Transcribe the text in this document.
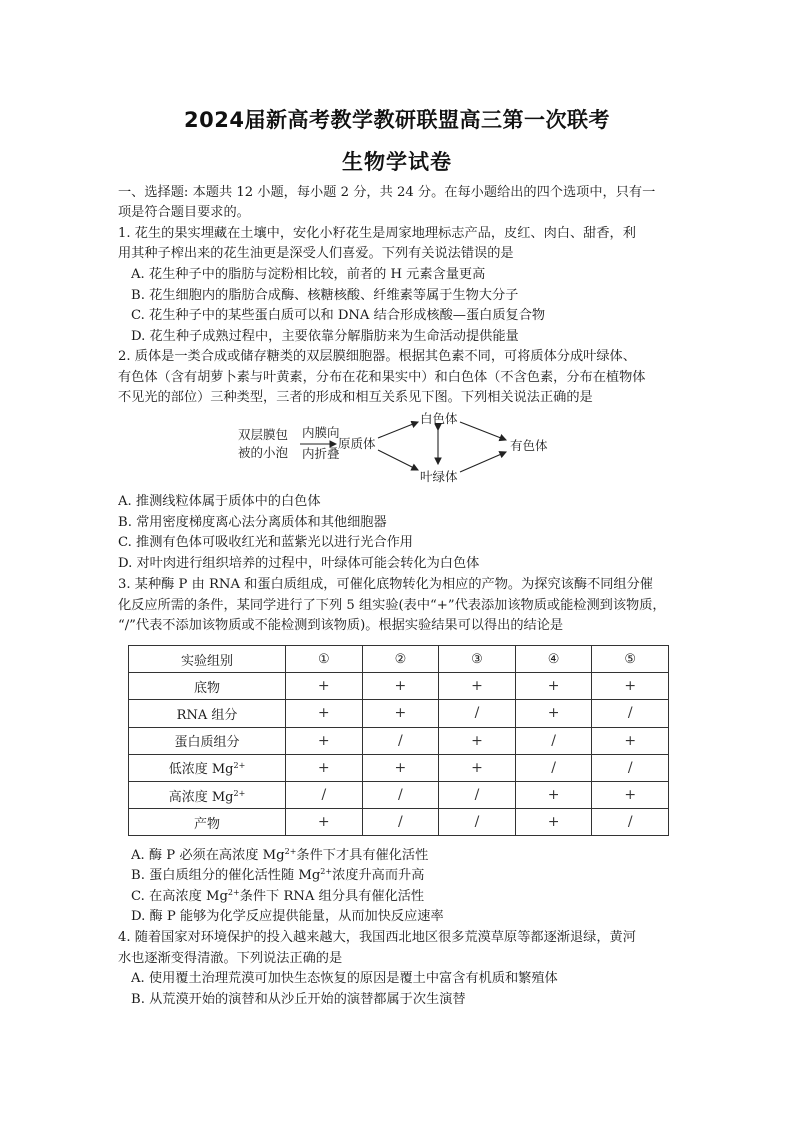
2024届新高考教学教研联盟高三第一次联考
生物学试卷
一、选择题: 本题共 12 小题，每小题 2 分，共 24 分。在每小题给出的四个选项中，只有一
项是符合题目要求的。
1. 花生的果实埋藏在土壤中，安化小籽花生是周家地理标志产品，皮红、肉白、甜香，利
用其种子榨出来的花生油更是深受人们喜爱。下列有关说法错误的是
A. 花生种子中的脂肪与淀粉相比较，前者的 H 元素含量更高
B. 花生细胞内的脂肪合成酶、核糖核酸、纤维素等属于生物大分子
C. 花生种子中的某些蛋白质可以和 DNA 结合形成核酸—蛋白质复合物
D. 花生种子成熟过程中，主要依靠分解脂肪来为生命活动提供能量
2. 质体是一类合成或储存糖类的双层膜细胞器。根据其色素不同，可将质体分成叶绿体、
有色体（含有胡萝卜素与叶黄素，分布在花和果实中）和白色体（不含色素，分布在植物体
不见光的部位）三种类型，三者的形成和相互关系见下图。下列相关说法正确的是
双层膜包
被的小泡
内膜向
内折叠
原质体
白色体
有色体
叶绿体
A. 推测线粒体属于质体中的白色体
B. 常用密度梯度离心法分离质体和其他细胞器
C. 推测有色体可吸收红光和蓝紫光以进行光合作用
D. 对叶肉进行组织培养的过程中，叶绿体可能会转化为白色体
3. 某种酶 P 由 RNA 和蛋白质组成，可催化底物转化为相应的产物。为探究该酶不同组分催
化反应所需的条件，某同学进行了下列 5 组实验(表中“+”代表添加该物质或能检测到该物质，
“/”代表不添加该物质或不能检测到该物质)。根据实验结果可以得出的结论是
实验组别	①	②	③	④	⑤
底物	+	+	+	+	+
RNA 组分	+	+	/	+	/
蛋白质组分	+	/	+	/	+
低浓度 $Mg^{2+}$	+	+	+	/	/
高浓度 $Mg^{2+}$	/	/	/	+	+
产物	+	/	/	+	/
A. 酶 P 必须在高浓度 $Mg^{2+}$条件下才具有催化活性
B. 蛋白质组分的催化活性随 $Mg^{2+}$浓度升高而升高
C. 在高浓度 $Mg^{2+}$条件下 RNA 组分具有催化活性
D. 酶 P 能够为化学反应提供能量，从而加快反应速率
4. 随着国家对环境保护的投入越来越大，我国西北地区很多荒漠草原等都逐渐退绿，黄河
水也逐渐变得清澈。下列说法正确的是
A. 使用覆土治理荒漠可加快生态恢复的原因是覆土中富含有机质和繁殖体
B. 从荒漠开始的演替和从沙丘开始的演替都属于次生演替
